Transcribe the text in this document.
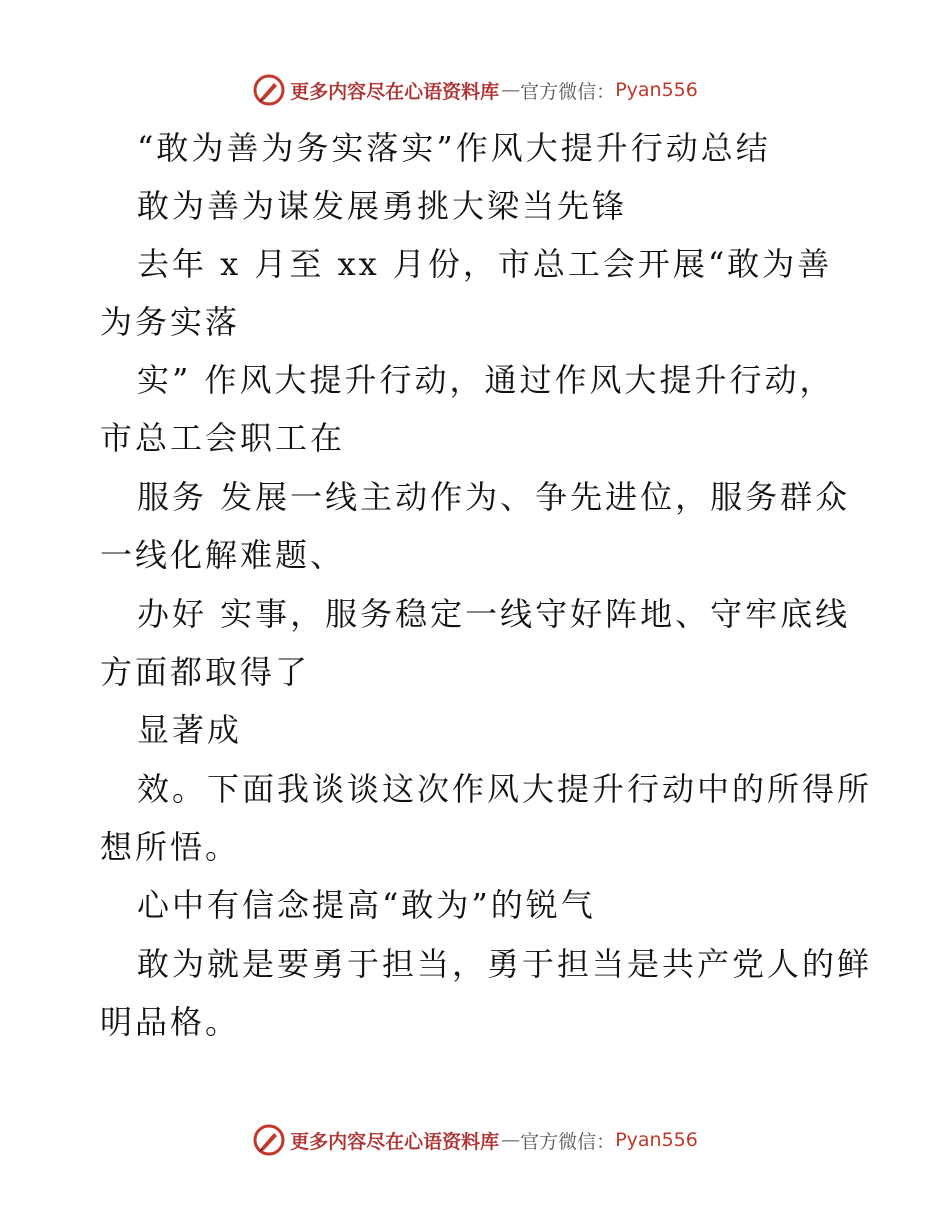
更多内容尽在心语资料库 — 官方微信： Pyan556

“敢为善为务实落实”作风大提升行动总结

敢为善为谋发展勇挑大梁当先锋

去年 x 月至 xx 月份，市总工会开展“敢为善

为务实落

实” 作风大提升行动，通过作风大提升行动，

市总工会职工在

服务 发展一线主动作为、争先进位，服务群众

一线化解难题、

办好 实事，服务稳定一线守好阵地、守牢底线

方面都取得了

显著成

效。下面我谈谈这次作风大提升行动中的所得所

想所悟。

心中有信念提高“敢为”的锐气

敢为就是要勇于担当，勇于担当是共产党人的鲜

明品格。

更多内容尽在心语资料库 — 官方微信： Pyan556
